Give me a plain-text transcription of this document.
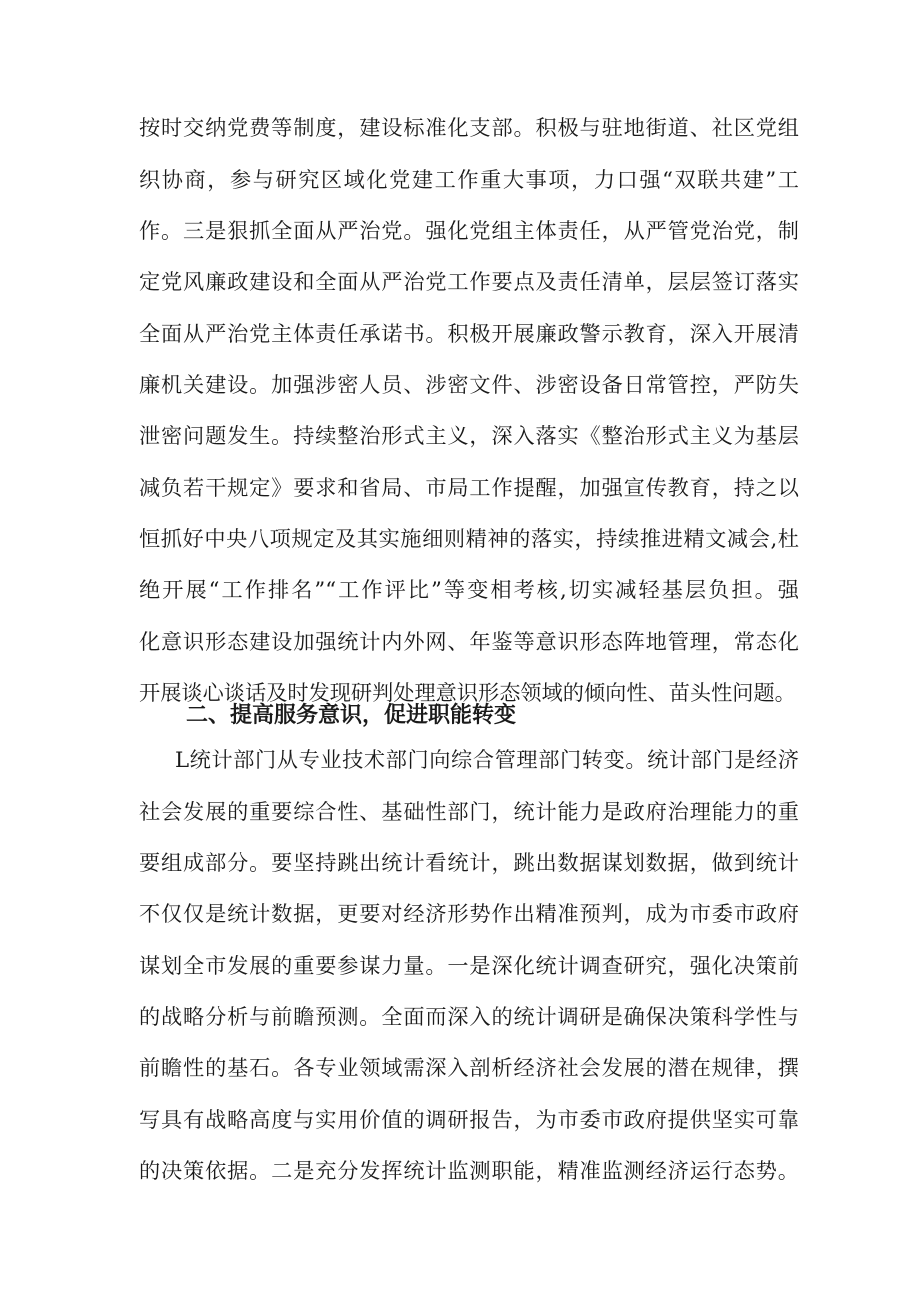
按时交纳党费等制度，建设标准化支部。积极与驻地街道、社区党组
织协商，参与研究区域化党建工作重大事项，力口强“双联共建”工
作。三是狠抓全面从严治党。强化党组主体责任，从严管党治党，制
定党风廉政建设和全面从严治党工作要点及责任清单，层层签订落实
全面从严治党主体责任承诺书。积极开展廉政警示教育，深入开展清
廉机关建设。加强涉密人员、涉密文件、涉密设备日常管控，严防失
泄密问题发生。持续整治形式主义，深入落实《整治形式主义为基层
减负若干规定》要求和省局、市局工作提醒，加强宣传教育，持之以
恒抓好中央八项规定及其实施细则精神的落实，持续推进精文减会,杜
绝开展“工作排名”“工作评比”等变相考核,切实减轻基层负担。强
化意识形态建设加强统计内外网、年鉴等意识形态阵地管理，常态化
开展谈心谈话及时发现研判处理意识形态领域的倾向性、苗头性问题。
二、提高服务意识，促进职能转变
L统计部门从专业技术部门向综合管理部门转变。统计部门是经济
社会发展的重要综合性、基础性部门，统计能力是政府治理能力的重
要组成部分。要坚持跳出统计看统计，跳出数据谋划数据，做到统计
不仅仅是统计数据，更要对经济形势作出精准预判，成为市委市政府
谋划全市发展的重要参谋力量。一是深化统计调查研究，强化决策前
的战略分析与前瞻预测。全面而深入的统计调研是确保决策科学性与
前瞻性的基石。各专业领域需深入剖析经济社会发展的潜在规律，撰
写具有战略高度与实用价值的调研报告，为市委市政府提供坚实可靠
的决策依据。二是充分发挥统计监测职能，精准监测经济运行态势。
